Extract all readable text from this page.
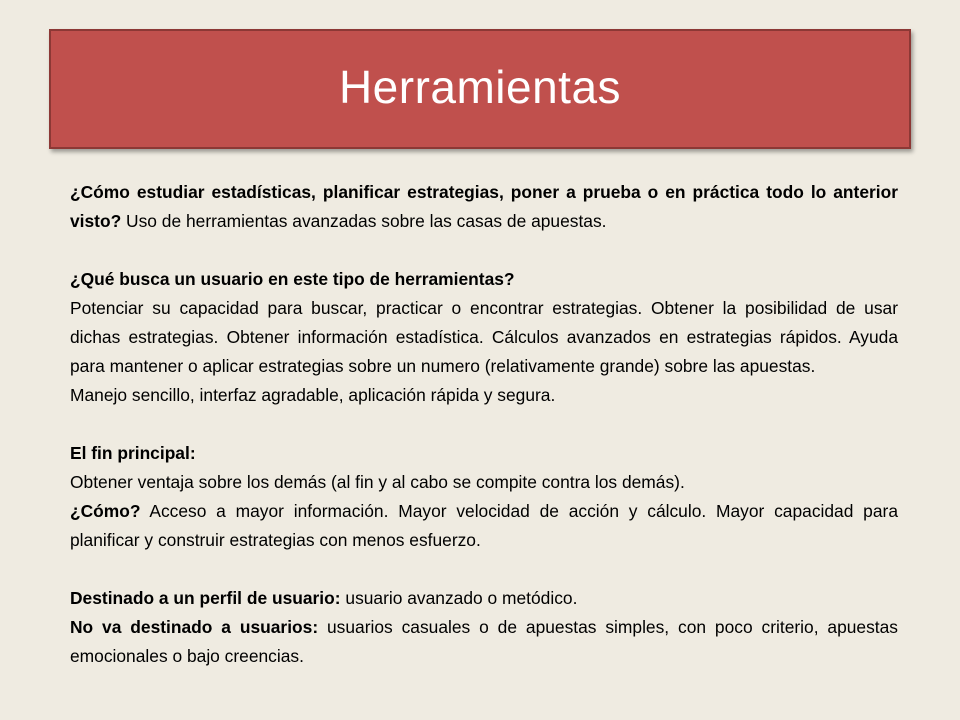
Herramientas

¿Cómo estudiar estadísticas, planificar estrategias, poner a prueba o en práctica todo lo anterior visto? Uso de herramientas avanzadas sobre las casas de apuestas.

¿Qué busca un usuario en este tipo de herramientas?

Potenciar su capacidad para buscar, practicar o encontrar estrategias. Obtener la posibilidad de usar dichas estrategias. Obtener información estadística. Cálculos avanzados en estrategias rápidos. Ayuda para mantener o aplicar estrategias sobre un numero (relativamente grande) sobre las apuestas.

Manejo sencillo, interfaz agradable, aplicación rápida y segura.

El fin principal:

Obtener ventaja sobre los demás (al fin y al cabo se compite contra los demás).

¿Cómo? Acceso a mayor información. Mayor velocidad de acción y cálculo. Mayor capacidad para planificar y construir estrategias con menos esfuerzo.

Destinado a un perfil de usuario: usuario avanzado o metódico.

No va destinado a usuarios: usuarios casuales o de apuestas simples, con poco criterio, apuestas emocionales o bajo creencias.
